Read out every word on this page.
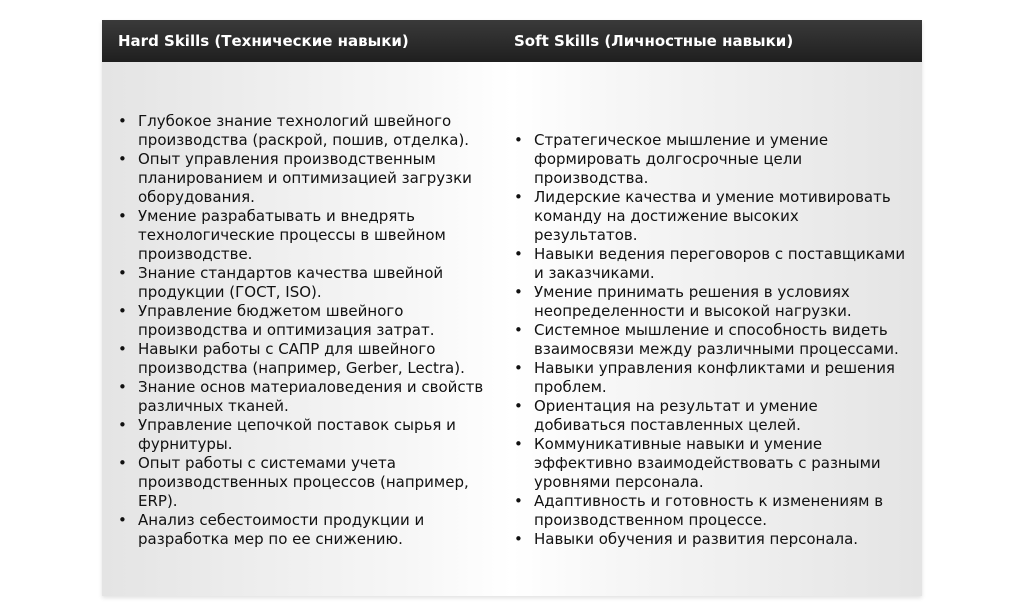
Hard Skills (Технические навыки)	Soft Skills (Личностные навыки)
• Глубокое знание технологий швейного производства (раскрой, пошив, отделка).
• Опыт управления производственным планированием и оптимизацией загрузки оборудования.
• Умение разрабатывать и внедрять технологические процессы в швейном производстве.
• Знание стандартов качества швейной продукции (ГОСТ, ISO).
• Управление бюджетом швейного производства и оптимизация затрат.
• Навыки работы с САПР для швейного производства (например, Gerber, Lectra).
• Знание основ материаловедения и свойств различных тканей.
• Управление цепочкой поставок сырья и фурнитуры.
• Опыт работы с системами учета производственных процессов (например, ERP).
• Анализ себестоимости продукции и разработка мер по ее снижению.
• Стратегическое мышление и умение формировать долгосрочные цели производства.
• Лидерские качества и умение мотивировать команду на достижение высоких результатов.
• Навыки ведения переговоров с поставщиками и заказчиками.
• Умение принимать решения в условиях неопределенности и высокой нагрузки.
• Системное мышление и способность видеть взаимосвязи между различными процессами.
• Навыки управления конфликтами и решения проблем.
• Ориентация на результат и умение добиваться поставленных целей.
• Коммуникативные навыки и умение эффективно взаимодействовать с разными уровнями персонала.
• Адаптивность и готовность к изменениям в производственном процессе.
• Навыки обучения и развития персонала.
